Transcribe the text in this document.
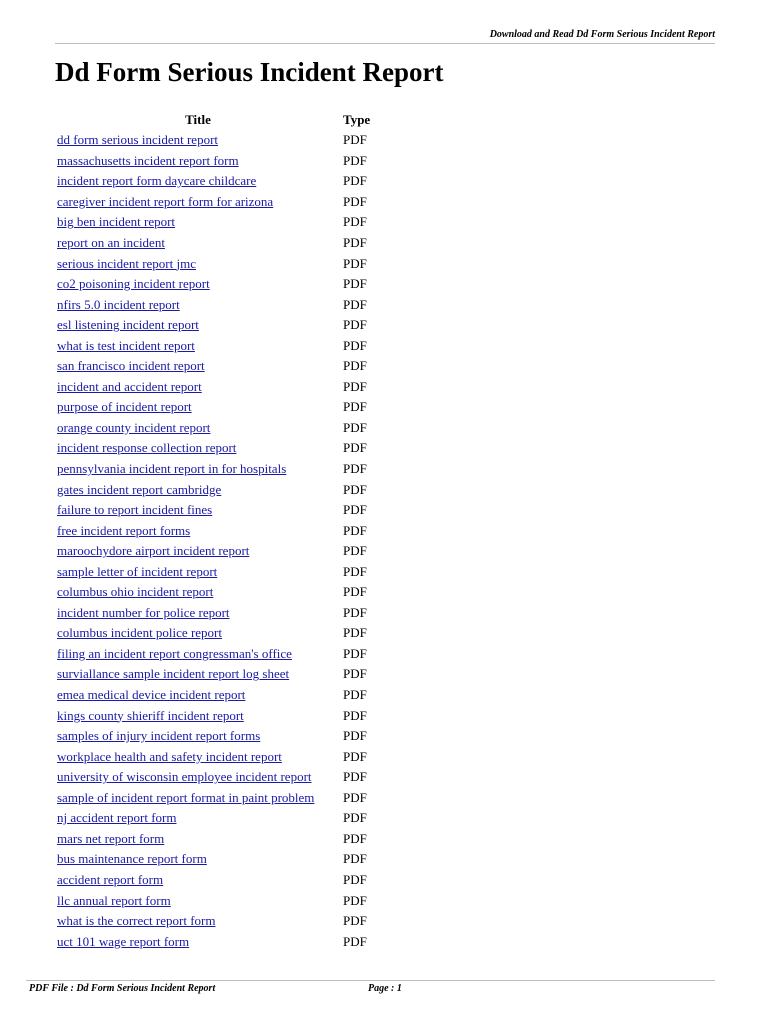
Download and Read Dd Form Serious Incident Report
Dd Form Serious Incident Report
Title	Type
dd form serious incident report	PDF
massachusetts incident report form	PDF
incident report form daycare childcare	PDF
caregiver incident report form for arizona	PDF
big ben incident report	PDF
report on an incident	PDF
serious incident report jmc	PDF
co2 poisoning incident report	PDF
nfirs 5.0 incident report	PDF
esl listening incident report	PDF
what is test incident report	PDF
san francisco incident report	PDF
incident and accident report	PDF
purpose of incident report	PDF
orange county incident report	PDF
incident response collection report	PDF
pennsylvania incident report in for hospitals	PDF
gates incident report cambridge	PDF
failure to report incident fines	PDF
free incident report forms	PDF
maroochydore airport incident report	PDF
sample letter of incident report	PDF
columbus ohio incident report	PDF
incident number for police report	PDF
columbus incident police report	PDF
filing an incident report congressman's office	PDF
surviallance sample incident report log sheet	PDF
emea medical device incident report	PDF
kings county shieriff incident report	PDF
samples of injury incident report forms	PDF
workplace health and safety incident report	PDF
university of wisconsin employee incident report	PDF
sample of incident report format in paint problem	PDF
nj accident report form	PDF
mars net report form	PDF
bus maintenance report form	PDF
accident report form	PDF
llc annual report form	PDF
what is the correct report form	PDF
uct 101 wage report form	PDF
PDF File : Dd Form Serious Incident Report	Page : 1
